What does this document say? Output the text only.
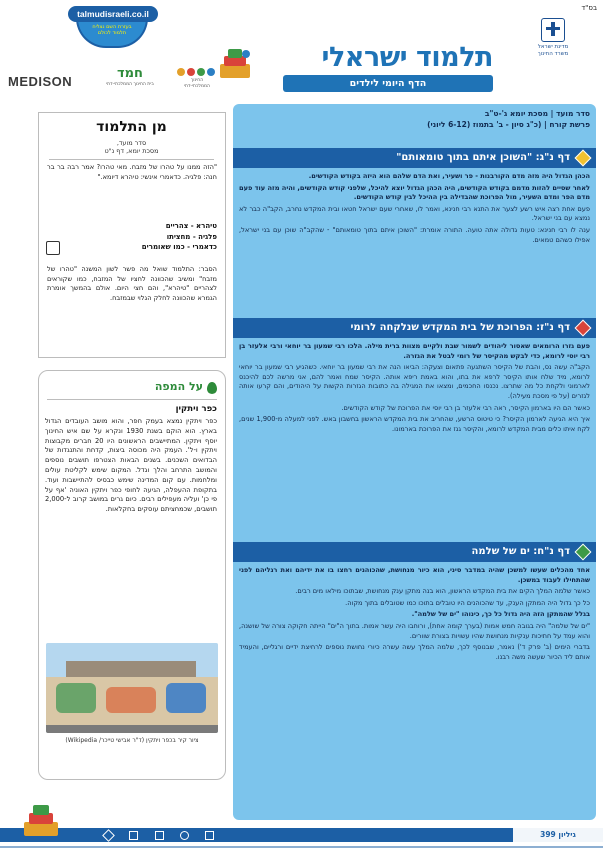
בס"ד
מדינת ישראל
משרד החינוך
תלמוד ישראלי
הדף היומי לילדים
talmudisraeli.co.il
בעזרת השם נצליח
תלמוד לכולם
MEDISON
חמד
בית החינוך הממלכתי-דתי
החינוך
הממלכתי-דתי
סדר מועד | מסכת יומא ג'-ט"ב
פרשת קורח | (כ"ג סיון - ב' בתמוז (6-12 ליוני)
דף נ"ג: "השוכן איתם בתוך טומאותם"

הכהן הגדול היה מזה מדם הקורבנות - פר ושעיר, ואת הדם שלהם הוא היזה בקודש הקודשים.

לאחר שסיים להזות מדמם בקודש הקודשים, היה הכהן הגדול יוצא להיכל, שלפני קודש הקודשים, והיה מזה עוד פעם מדם הפר ומדם השעיר, מול הפרוכת שהבדילה בין ההיכל לבין קודש הקודשים.

פעם אחת רצה איש רשע לצער את התנא רבי חנינא, ואמר לו, שאחרי שעם ישראל חטאו ובית המקדש נחרב, הקב"ה כבר לא נמצא עם בני ישראל.

ענה לו רבי חנינא: טעות גדולה אתה טועה. התורה אומרת: "השוכן איתם בתוך טומאותם" - שהקב"ה שוכן עם בני ישראל, אפילו כשהם טמאים.

דף נ"ז: הפרוכת של בית המקדש שנלקחה לרומי

פעם גזרו הרומאים שאסור ליהודים לשמור שבת ולקיים מצוות ברית מילה. הלכו רבי שמעון בר יוחאי ורבי אלעזר בן רבי יוסי לרומא, כדי לבקש מהקיסר של רומי לבטל את הגזרה.

הקב"ה עשה נס, והבת של הקיסר השתגעה פתאום וצעקה: הביאו הנה את רבי שמעון בר יוחאי. כשהגיע רבי שמעון בר יוחאי לרומא, מיד שלח אותו הקיסר לרפא את בתו, והוא באמת ריפא אותה. הקיסר שמח ואמר להם, אני מרשה לכם להיכנס לארמוני ולקחת כל מה שתרצו. נכנסו החכמים, ומצאו את המגילה בה כתובות הגזרות הקשות על היהודים, והם קרעו אותה לגזרים (על פי מסכת מעילה).

כאשר הם היו בארמון הקיסר, ראה רבי אלעזר בן רבי יוסי את הפרוכת של קודש הקודשים.

איך היא הגיעה לארמון הקיסר? כי טיטוס הרשע, שהחריב את בית המקדש הראשון בחשבון באש. לפני למעלה מ-1,900 שנים, לקח איתו כלים מבית המקדש לרומא, והקיסר גנז את הפרוכת בארמונו.

דף נ"ח: ים של שלמה

אחד מהכלים שעשו למשכן שהיה במדבר סיני, הוא כיור מנחושת, שהכוהנים רחצו בו את ידיהם ואת רגליהם לפני שהתחילו לעבוד במשכן.

כאשר שלמה המלך הקים את בית המקדש הראשון, הוא בנה מתקן ענק מנחושת, שבתוכו מילאו מים רבים.

כל כך גדול היה המתקן הענק, עד שהכוהנים היו טובלים בתוכו כמו שטובלים בתוך מקוה.

בגלל שהמתקן הזה היה גדול כל כך, כינוהו "ים של שלמה".

"ים של שלמה" היה בגובה חמש אמות (בערך קומה אחת), ורוחבו היה עשר אמות. בתוך ה"ים" הייתה חקוקה צורה של שושנה, והוא עמד על חתיכות ענקיות מנחושת שהיו עשויות בצורת שוורים.

בדברי הימים (ב' פרק ד') נאמר, שבנוסף לכך, שלמה המלך עשה עשרה כיורי נחושת נוספים לרחיצת ידיים ורגליים, והעמיד אותם ליד הכיור שעשה משה רבנו.

מן התלמוד
סדר מועד,
מסכת יומא, דף נ"ט
"הזה ממנו על טהרו של מזבח. מאי טהרו? אמר רבה בר בר חנה: פלגיה. כדאמרי אינשי: טיהרא דיומא."
טיהרא - צהריים
פלגיה - מחציתו
כדאמרי - כמו שאומרים
הסבר: התלמוד שואל מה פשר לשון המשנה "טהרו של מזבח" ומשיב שהכוונה לחציו של המזבח, כמו שקוראים לצהריים "טיהרא", והם חצי היום. אולם בהמשך אומרת הגמרא שהכוונה לחלק הגלוי שבמזבח.
על המפה
כפר ויתקין
כפר ויתקין נמצא בעמק חפר, והוא מושב העובדים הגדול בארץ. הוא הוקם בשנת 1930 ונקרא על שם איש החינוך יוסף ויתקין. המתיישבים הראשונים היו 20 חברים מקבוצות ויתקין ו-ל'. העמק היה מכוסה ביצות, קדחת והתנגדות של הבדואים השכנים. בשנים הבאות הצטרפו תושבים נוספים והמושב התרחב והלך וגדל. המקום שימש לקליטת עולים ומלחמות. עם קום המדינה שימש כבסיס להתיישבות ועוד. בתקופת ההעפלה, הגיעה לחופי כפר ויתקין האוניה 'אף על פי כן' ועליה מעפילים רבים. כיום גרים במושב קרוב ל-2,000 תושבים, שכמחציתם עוסקים בחקלאות.
ציור קיר בכפר ויתקין (ד"ר אבישי טייכר/ Wikipedia)
גיליון 399
